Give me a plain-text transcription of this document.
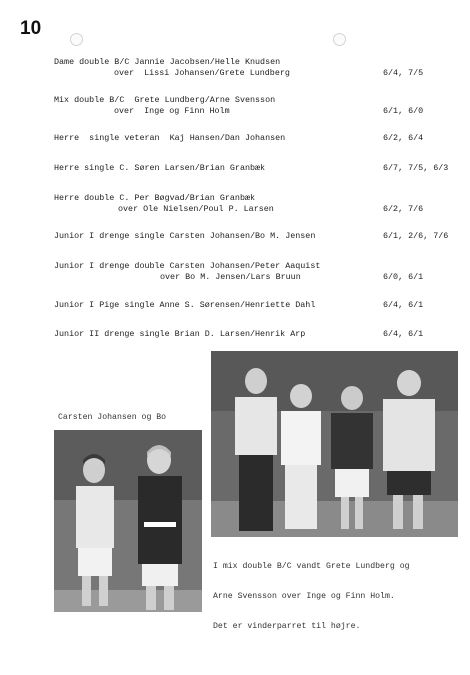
10
Dame double B/C Jannie Jacobsen/Helle Knudsen
over  Lissi Johansen/Grete Lundberg	6/4, 7/5
Mix double B/C  Grete Lundberg/Arne Svensson
over  Inge og Finn Holm	6/1, 6/0
Herre  single veteran  Kaj Hansen/Dan Johansen	6/2, 6/4
Herre single C. Søren Larsen/Brian Granbæk	6/7, 7/5, 6/3
Herre double C. Per Bøgvad/Brian Granbæk
over Ole Nielsen/Poul P. Larsen	6/2, 7/6
Junior I drenge single Carsten Johansen/Bo M. Jensen	6/1, 2/6, 7/6
Junior I drenge double Carsten Johansen/Peter Aaquist
over Bo M. Jensen/Lars Bruun	6/0, 6/1
Junior I Pige single Anne S. Sørensen/Henriette Dahl	6/4, 6/1
Junior II drenge single Brian D. Larsen/Henrik Arp	6/4, 6/1

Carsten Johansen og Bo

I mix double B/C vandt Grete Lundberg og

Arne Svensson over Inge og Finn Holm.

Det er vinderparret til højre.
